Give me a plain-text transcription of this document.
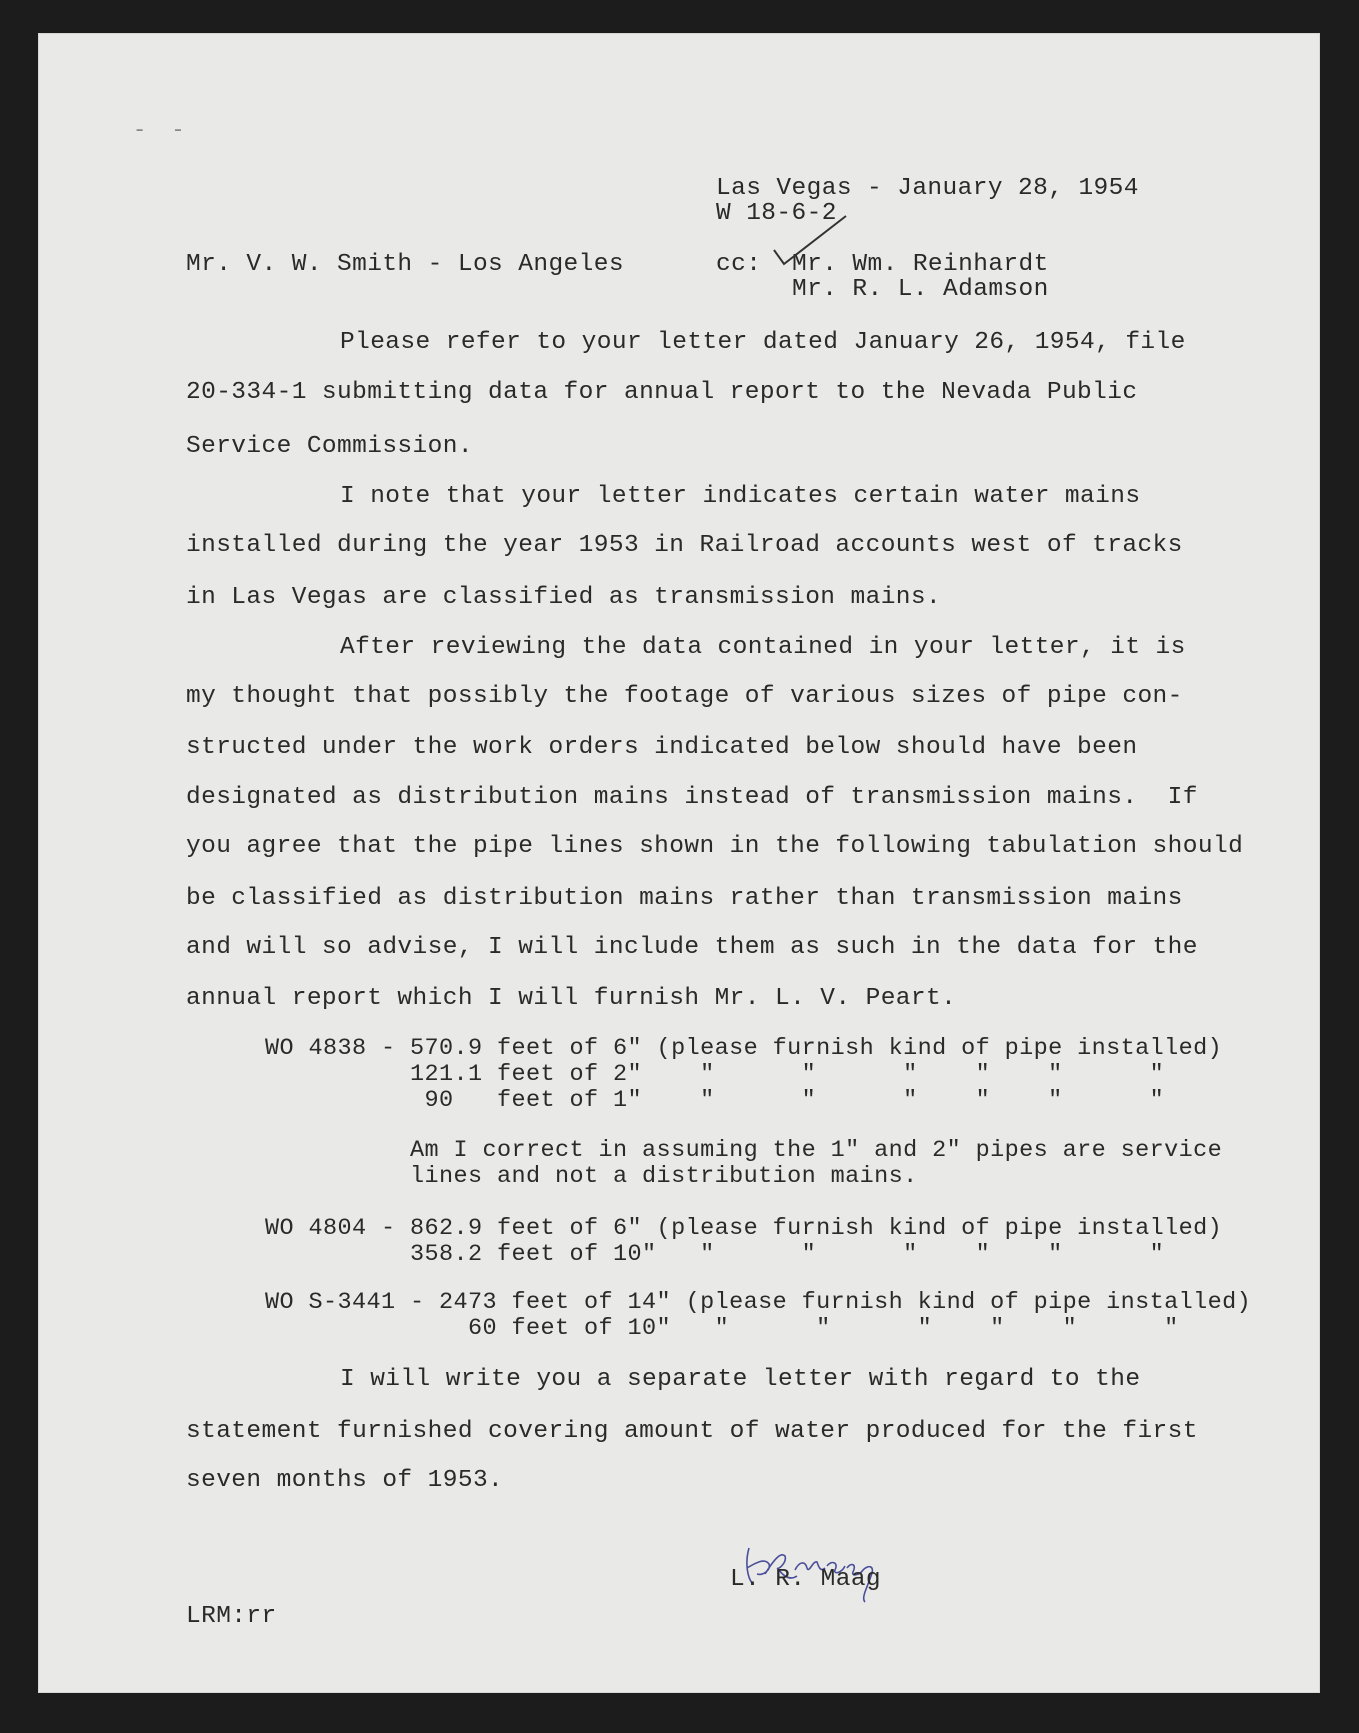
- -
Las Vegas - January 28, 1954
W 18-6-2
Mr. V. W. Smith - Los Angeles	cc: Mr. Wm. Reinhardt
Mr. R. L. Adamson
Please refer to your letter dated January 26, 1954, file
20-334-1 submitting data for annual report to the Nevada Public
Service Commission.
I note that your letter indicates certain water mains
installed during the year 1953 in Railroad accounts west of tracks
in Las Vegas are classified as transmission mains.
After reviewing the data contained in your letter, it is
my thought that possibly the footage of various sizes of pipe con-
structed under the work orders indicated below should have been
designated as distribution mains instead of transmission mains.  If
you agree that the pipe lines shown in the following tabulation should
be classified as distribution mains rather than transmission mains
and will so advise, I will include them as such in the data for the
annual report which I will furnish Mr. L. V. Peart.
WO 4838 - 570.9 feet of 6" (please furnish kind of pipe installed)
121.1 feet of 2"    "      "      "    "    "      "
90   feet of 1"    "      "      "    "    "      "
Am I correct in assuming the 1" and 2" pipes are service
lines and not a distribution mains.
WO 4804 - 862.9 feet of 6" (please furnish kind of pipe installed)
358.2 feet of 10"   "      "      "    "    "      "
WO S-3441 - 2473 feet of 14" (please furnish kind of pipe installed)
60 feet of 10"   "      "      "    "    "      "
I will write you a separate letter with regard to the
statement furnished covering amount of water produced for the first
seven months of 1953.
L. R. Maag
LRM:rr
